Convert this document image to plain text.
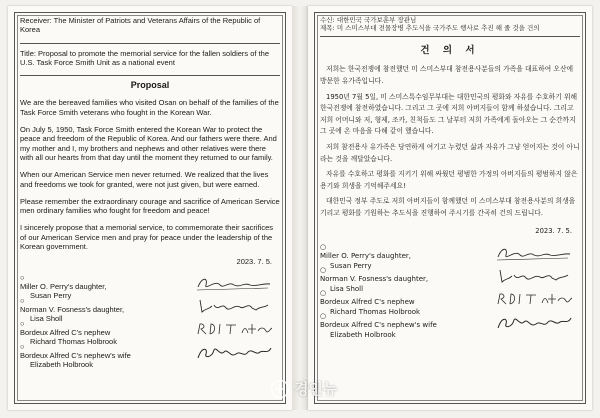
Receiver: The Minister of Patriots and Veterans Affairs of the Republic of Korea
Title: Proposal to promote the memorial service for the fallen soldiers of the U.S. Task Force Smith Unit as a national event
Proposal
We are the bereaved families who visited Osan on behalf of the families of the Task Force Smith veterans who fought in the Korean War.
On July 5, 1950, Task Force Smith entered the Korean War to protect the peace and freedom of the Republic of Korea. And our fathers were there. And my mother and I, my brothers and nephews and other relatives were there with all our hearts from that day until the moment they returned to our family.
When our American Service men never returned. We realized that the lives and freedoms we took for granted, were not just given, but were earned.
Please remember the extraordinary courage and sacrifice of American Service men ordinary families who fought for freedom and peace!
I sincerely propose that a memorial service, to commemorate their sacrifices of our American Service men and pray for peace under the leadership of the Korean government.
2023. 7. 5.
○
Miller O. Perry's daughter,
Susan Perry
○
Norman V. Fosness's daughter,
Lisa Sholl
○
Bordeux Alfred C's nephew
Richard Thomas Holbrook
○
Bordeux Alfred C's nephew's wife
Elizabeth Holbrook
수신: 대한민국 국가보훈부 장관님
제목: 미 스미스부대 전몰장병 추도식을 국가주도 행사로 추진 해 줄 것을 건의
건 의 서
저희는 한국전쟁에 참전했던 미 스미스부대 참전용사분들의 가족을 대표하여 오산에 방문한 유가족입니다.
1950년 7월 5일, 미 스미스특수임무부대는 대한민국의 평화와 자유를 수호하기 위해 한국전쟁에 참전하였습니다. 그리고 그 곳에 저희 아버지들이 함께 하셨습니다. 그리고 저희 어머니와 저, 형제, 조카, 친척들도 그 날부터 저희 가족에게 돌아오는 그 순간까지 그 곳에 온 마음을 다해 같이 했습니다.
저희 참전용사 유가족은 당연하게 여기고 누렸던 삶과 자유가 그냥 얻어지는 것이 아니라는 것을 깨달았습니다.
자유를 수호하고 평화를 지키기 위해 싸웠던 평범한 가정의 아버지들의 평범하지 않은 용기와 희생을 기억해주세요!
대한민국 정부 주도로 저희 아버지들이 함께했던 미 스미스부대 참전용사분의 희생을 기리고 평화를 기원하는 추도식을 진행하여 주시기를 간곡히 건의 드립니다.
2023. 7. 5.
○
Miller O. Perry's daughter,
Susan Perry
○
Norman V. Fosness's daughter,
Lisa Sholl
○
Bordeux Alfred C's nephew
Richard Thomas Holbrook
○
Bordeux Alfred C's nephew's wife
Elizabeth Holbrook
경인뉴
